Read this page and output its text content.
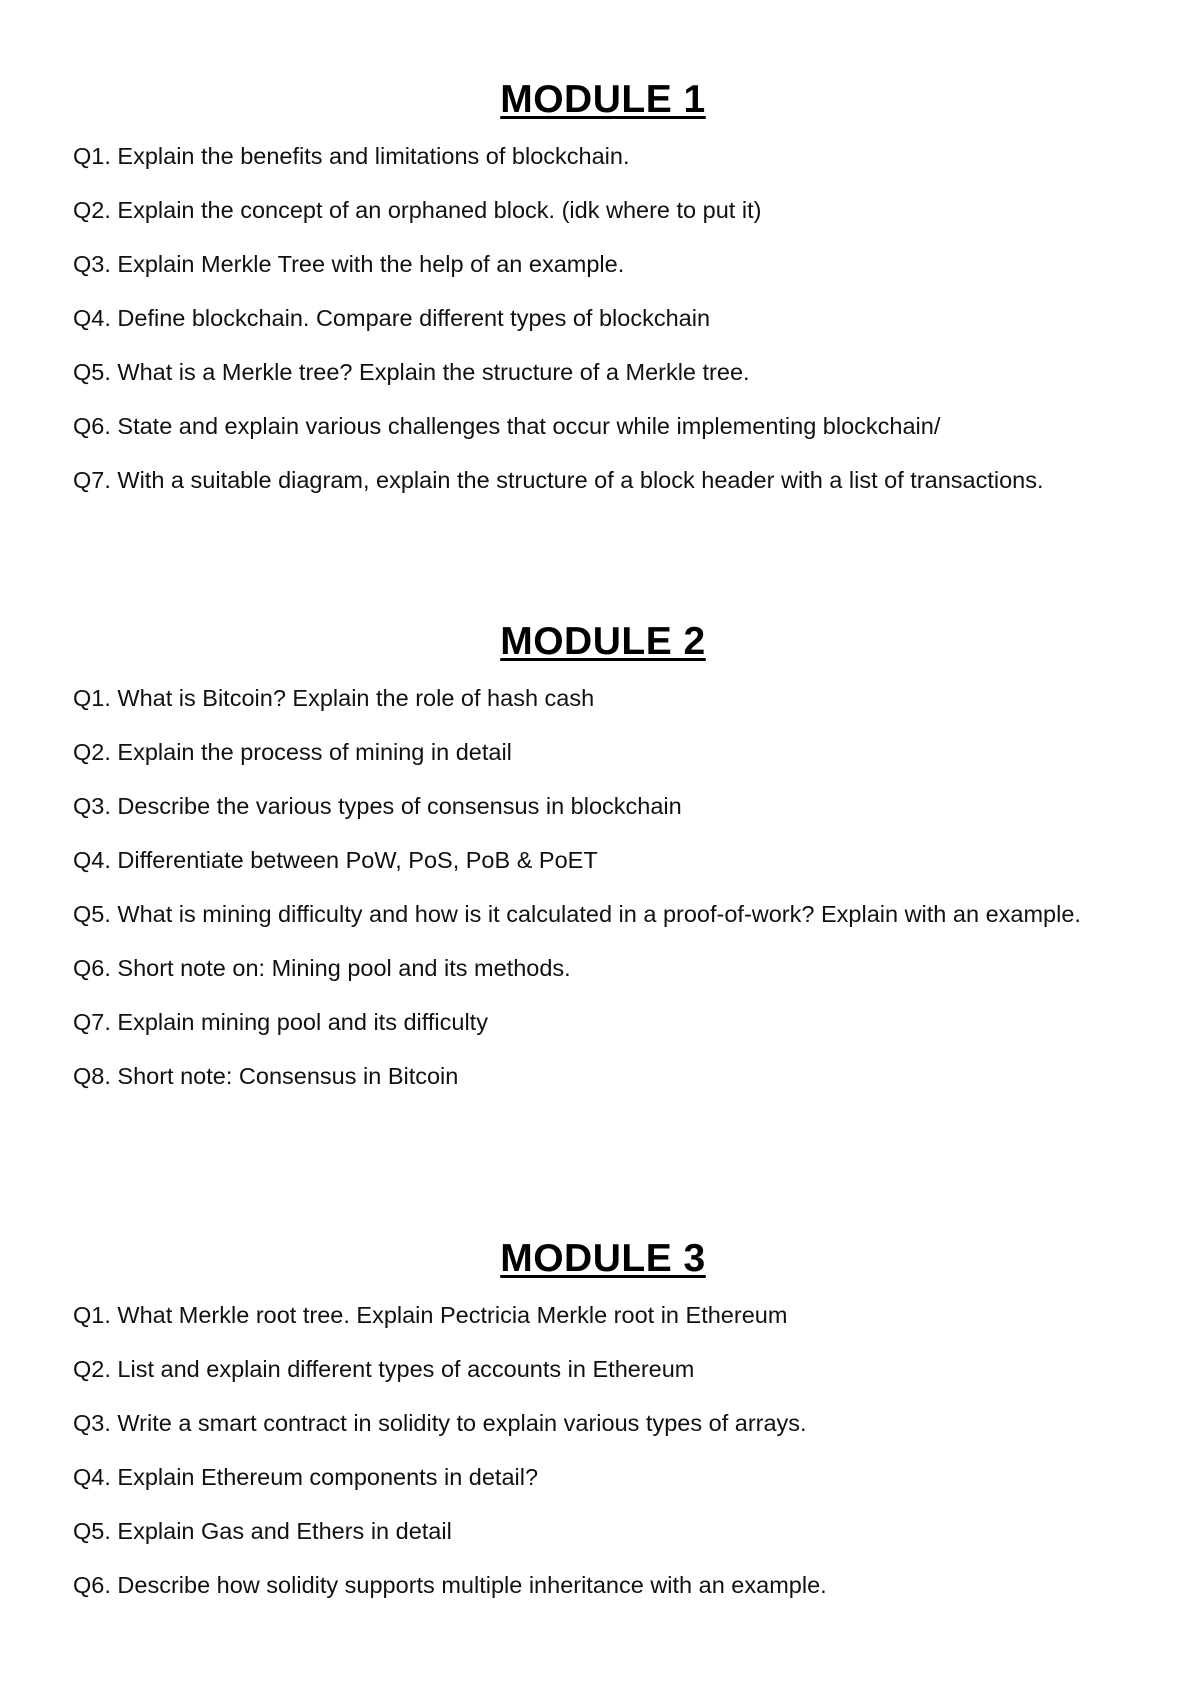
MODULE 1
Q1. Explain the benefits and limitations of blockchain.
Q2. Explain the concept of an orphaned block. (idk where to put it)
Q3. Explain Merkle Tree with the help of an example.
Q4. Define blockchain. Compare different types of blockchain
Q5. What is a Merkle tree? Explain the structure of a Merkle tree.
Q6. State and explain various challenges that occur while implementing blockchain/
Q7. With a suitable diagram, explain the structure of a block header with a list of transactions.
MODULE 2
Q1. What is Bitcoin? Explain the role of hash cash
Q2. Explain the process of mining in detail
Q3. Describe the various types of consensus in blockchain
Q4. Differentiate between PoW, PoS, PoB & PoET
Q5. What is mining difficulty and how is it calculated in a proof-of-work? Explain with an example.
Q6. Short note on: Mining pool and its methods.
Q7. Explain mining pool and its difficulty
Q8. Short note: Consensus in Bitcoin
MODULE 3
Q1. What Merkle root tree. Explain Pectricia Merkle root in Ethereum
Q2. List and explain different types of accounts in Ethereum
Q3. Write a smart contract in solidity to explain various types of arrays.
Q4. Explain Ethereum components in detail?
Q5. Explain Gas and Ethers in detail
Q6. Describe how solidity supports multiple inheritance with an example.
